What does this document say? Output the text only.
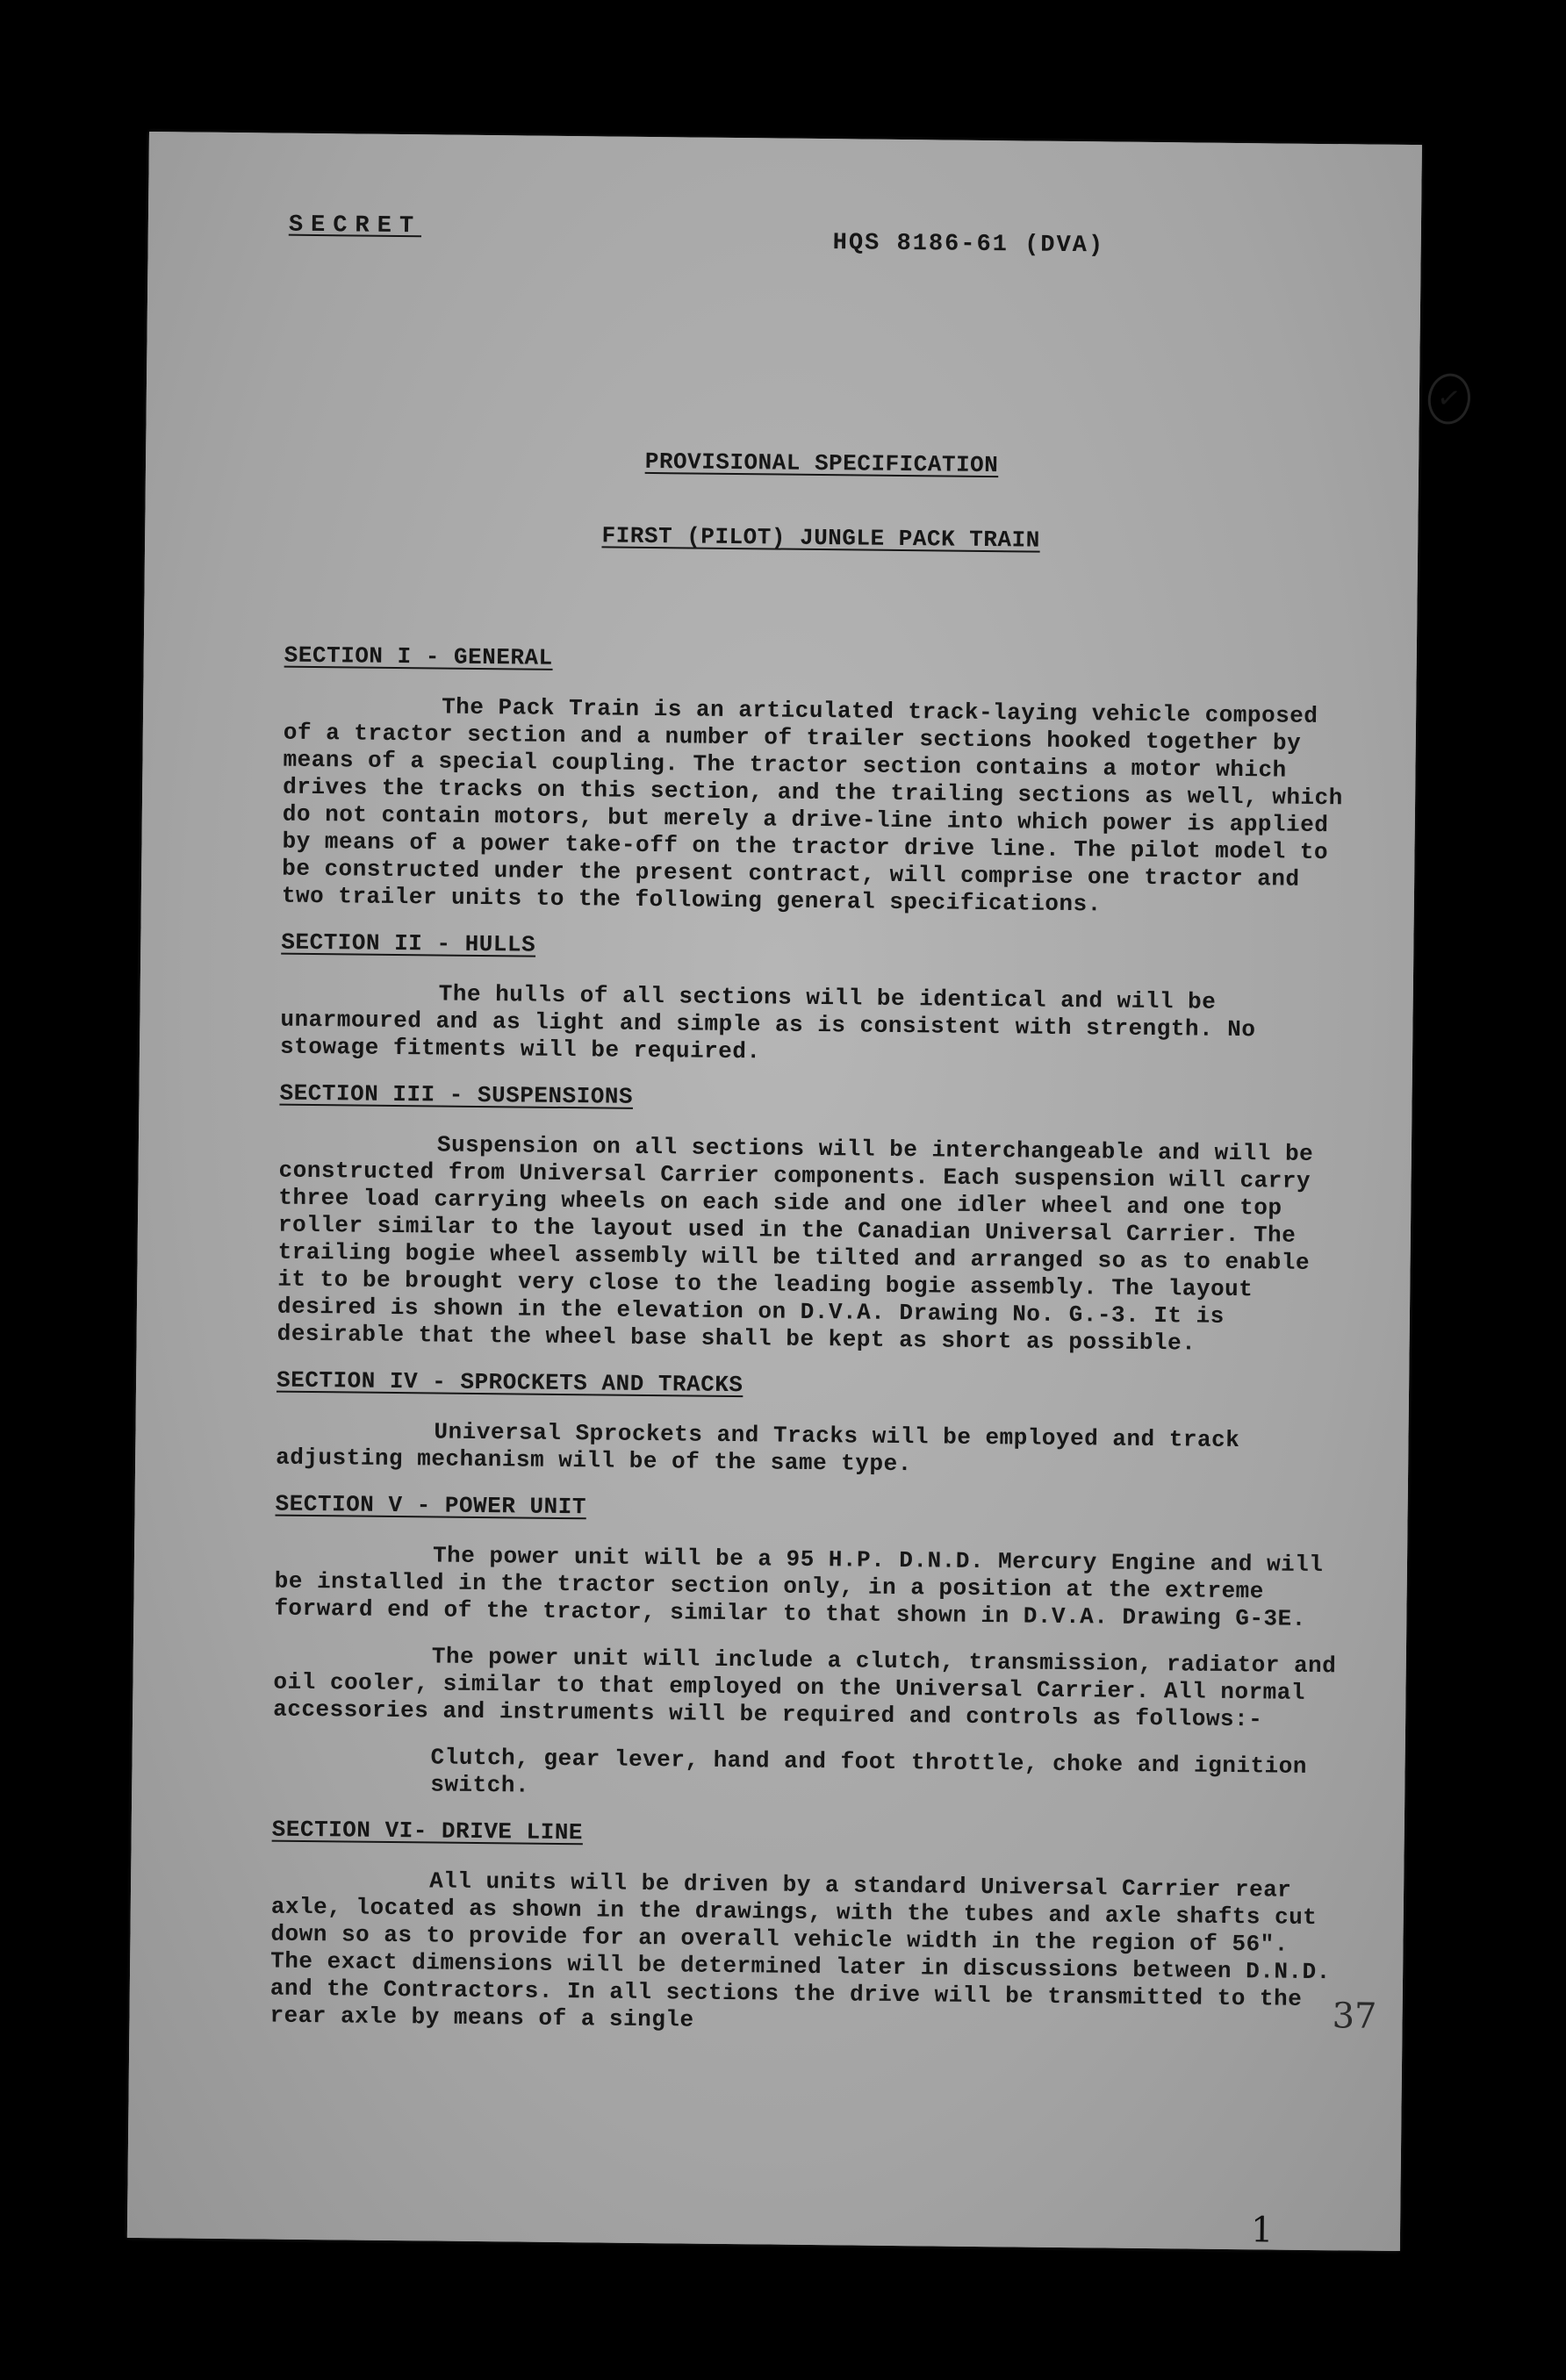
SECRET
HQS 8186-61 (DVA)
✓
PROVISIONAL SPECIFICATION
FIRST (PILOT) JUNGLE PACK TRAIN
SECTION I - GENERAL

The Pack Train is an articulated track-laying vehicle composed of a tractor section and a number of trailer sections hooked together by means of a special coupling. The tractor section contains a motor which drives the tracks on this section, and the trailing sections as well, which do not contain motors, but merely a drive-line into which power is applied by means of a power take-off on the tractor drive line. The pilot model to be constructed under the present contract, will comprise one tractor and two trailer units to the following general specifications.

SECTION II - HULLS

The hulls of all sections will be identical and will be unarmoured and as light and simple as is consistent with strength. No stowage fitments will be required.

SECTION III - SUSPENSIONS

Suspension on all sections will be interchangeable and will be constructed from Universal Carrier components. Each suspension will carry three load carrying wheels on each side and one idler wheel and one top roller similar to the layout used in the Canadian Universal Carrier. The trailing bogie wheel assembly will be tilted and arranged so as to enable it to be brought very close to the leading bogie assembly. The layout desired is shown in the elevation on D.V.A. Drawing No. G.-3. It is desirable that the wheel base shall be kept as short as possible.

SECTION IV - SPROCKETS AND TRACKS

Universal Sprockets and Tracks will be employed and track adjusting mechanism will be of the same type.

SECTION V - POWER UNIT

The power unit will be a 95 H.P. D.N.D. Mercury Engine and will be installed in the tractor section only, in a position at the extreme forward end of the tractor, similar to that shown in D.V.A. Drawing G-3E.

The power unit will include a clutch, transmission, radiator and oil cooler, similar to that employed on the Universal Carrier. All normal accessories and instruments will be required and controls as follows:-

Clutch, gear lever, hand and foot throttle, choke and ignition switch.

SECTION VI- DRIVE LINE

All units will be driven by a standard Universal Carrier rear axle, located as shown in the drawings, with the tubes and axle shafts cut down so as to provide for an overall vehicle width in the region of 56". The exact dimensions will be determined later in discussions between D.N.D. and the Contractors. In all sections the drive will be transmitted to the rear axle by means of a single	37
1
